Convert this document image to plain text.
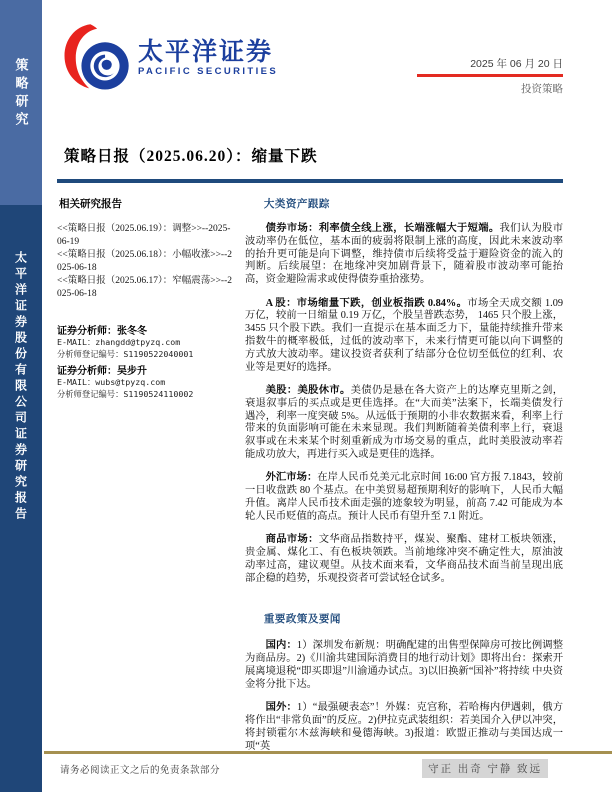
策略研究
太平洋证券股份有限公司证券研究报告
太平洋证券
PACIFIC SECURITIES
2025 年 06 月 20 日
投资策略
策略日报（2025.06.20）：缩量下跌
相关研究报告
<<策略日报（2025.06.19）：调整>>--2025-06-19
<<策略日报（2025.06.18）：小幅收涨>>--2025-06-18
<<策略日报（2025.06.17）：窄幅震荡>>--2025-06-18
证券分析师：张冬冬
E-MAIL：zhangdd@tpyzq.com
分析师登记编号：S1190522040001
证券分析师：吴步升
E-MAIL：wubs@tpyzq.com
分析师登记编号：S1190524110002
大类资产跟踪

债券市场：利率债全线上涨，长端涨幅大于短端。我们认为股市波动率仍在低位，基本面的疲弱将限制上涨的高度，因此未来波动率的抬升更可能是向下调整，维持债市后续将受益于避险资金的流入的判断。后续展望：在地缘冲突加剧背景下，随着股市波动率可能抬高，资金避险需求或使得债券重拾涨势。

A 股：市场缩量下跌，创业板指跌 0.84%。市场全天成交额 1.09 万亿，较前一日缩量 0.19 万亿，个股呈普跌态势， 1465 只个股上涨，3455 只个股下跌。我们一直提示在基本面乏力下，量能持续推升带来指数牛的概率极低，过低的波动率下，未来行情更可能以向下调整的方式放大波动率。建议投资者获利了结部分仓位切至低位的红利、农业等是更好的选择。

美股：美股休市。美债仍是悬在各大资产上的达摩克里斯之剑，衰退叙事后的买点或是更佳选择。在“大而美”法案下，长端美债发行遇冷，利率一度突破 5%。从远低于预期的小非农数据来看，利率上行带来的负面影响可能在未来显现。我们判断随着美债利率上行，衰退叙事或在未来某个时刻重新成为市场交易的重点，此时美股波动率若能成功放大，再进行买入或是更佳的选择。

外汇市场：在岸人民币兑美元北京时间 16:00 官方报 7.1843，较前一日收盘跌 80 个基点。在中美贸易超预期利好的影响下，人民币大幅升值。离岸人民币技术面走强的迹象较为明显，前高 7.42 可能成为本轮人民币贬值的高点。预计人民币有望升至 7.1 附近。

商品市场：文华商品指数持平，煤炭、聚酯、建材工板块领涨，贵金属、煤化工、有色板块领跌。当前地缘冲突不确定性大，原油波动率过高，建议观望。从技术面来看，文华商品技术面当前呈现出底部企稳的趋势，乐观投资者可尝试轻仓试多。

重要政策及要闻

国内：1）深圳发布新规：明确配建的出售型保障房可按比例调整为商品房。2)《川渝共建国际消费目的地行动计划》即将出台：探索开展离境退税“即买即退”川渝通办试点。3)以旧换新“国补”将持续 中央资金将分批下达。

国外：1）“最强硬表态”！外媒：克宫称，若哈梅内伊遇刺，俄方将作出“非常负面”的反应。2)伊拉克武装组织：若美国介入伊以冲突，将封锁霍尔木兹海峡和曼德海峡。3)报道：欧盟正推动与美国达成一项“英

请务必阅读正文之后的免责条款部分	守正 出奇 宁静 致远
